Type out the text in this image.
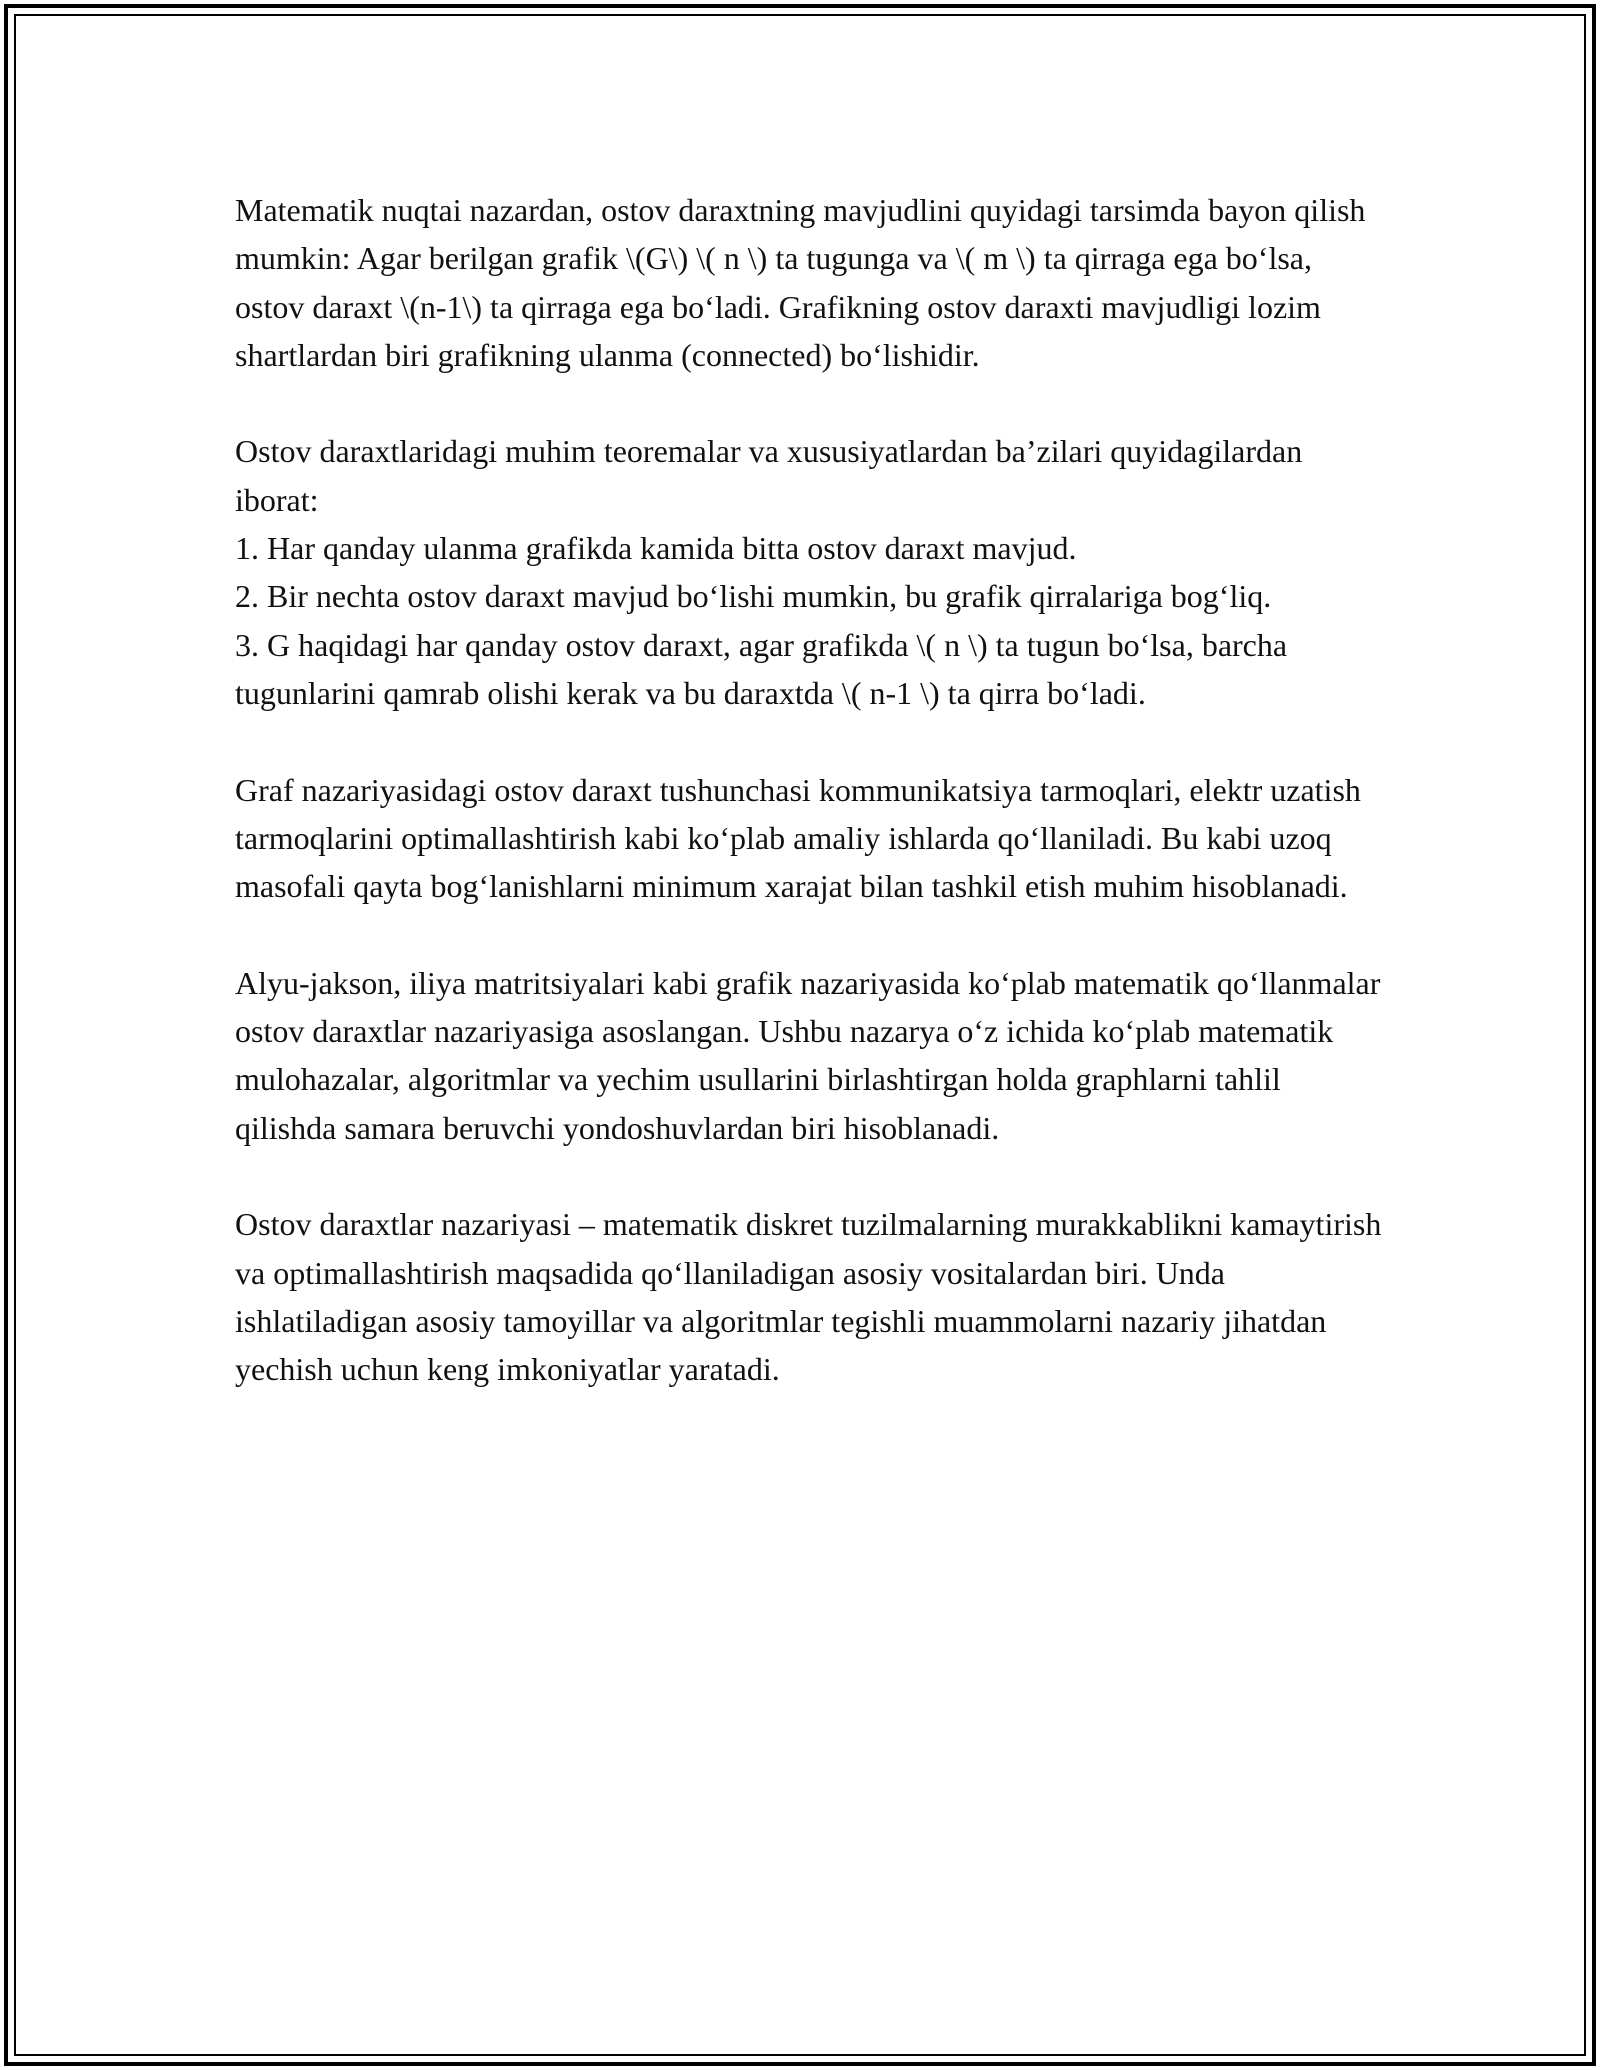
Matematik nuqtai nazardan, ostov daraxtning mavjudlini quyidagi tarsimda bayon qilish mumkin: Agar berilgan grafik \(G\) \( n \) ta tugunga va \( m \) ta qirraga ega bo‘lsa, ostov daraxt \(n-1\) ta qirraga ega bo‘ladi. Grafikning ostov daraxti mavjudligi lozim shartlardan biri grafikning ulanma (connected) bo‘lishidir.

Ostov daraxtlaridagi muhim teoremalar va xususiyatlardan ba’zilari quyidagilardan iborat:
1. Har qanday ulanma grafikda kamida bitta ostov daraxt mavjud.
2. Bir nechta ostov daraxt mavjud bo‘lishi mumkin, bu grafik qirralariga bog‘liq.
3. G haqidagi har qanday ostov daraxt, agar grafikda \( n \) ta tugun bo‘lsa, barcha tugunlarini qamrab olishi kerak va bu daraxtda \( n-1 \) ta qirra bo‘ladi.

Graf nazariyasidagi ostov daraxt tushunchasi kommunikatsiya tarmoqlari, elektr uzatish tarmoqlarini optimallashtirish kabi ko‘plab amaliy ishlarda qo‘llaniladi. Bu kabi uzoq masofali qayta bog‘lanishlarni minimum xarajat bilan tashkil etish muhim hisoblanadi.

Alyu-jakson, iliya matritsiyalari kabi grafik nazariyasida ko‘plab matematik qo‘llanmalar ostov daraxtlar nazariyasiga asoslangan. Ushbu nazarya o‘z ichida ko‘plab matematik mulohazalar, algoritmlar va yechim usullarini birlashtirgan holda graphlarni tahlil qilishda samara beruvchi yondoshuvlardan biri hisoblanadi.

Ostov daraxtlar nazariyasi – matematik diskret tuzilmalarning murakkablikni kamaytirish va optimallashtirish maqsadida qo‘llaniladigan asosiy vositalardan biri. Unda ishlatiladigan asosiy tamoyillar va algoritmlar tegishli muammolarni nazariy jihatdan yechish uchun keng imkoniyatlar yaratadi.
